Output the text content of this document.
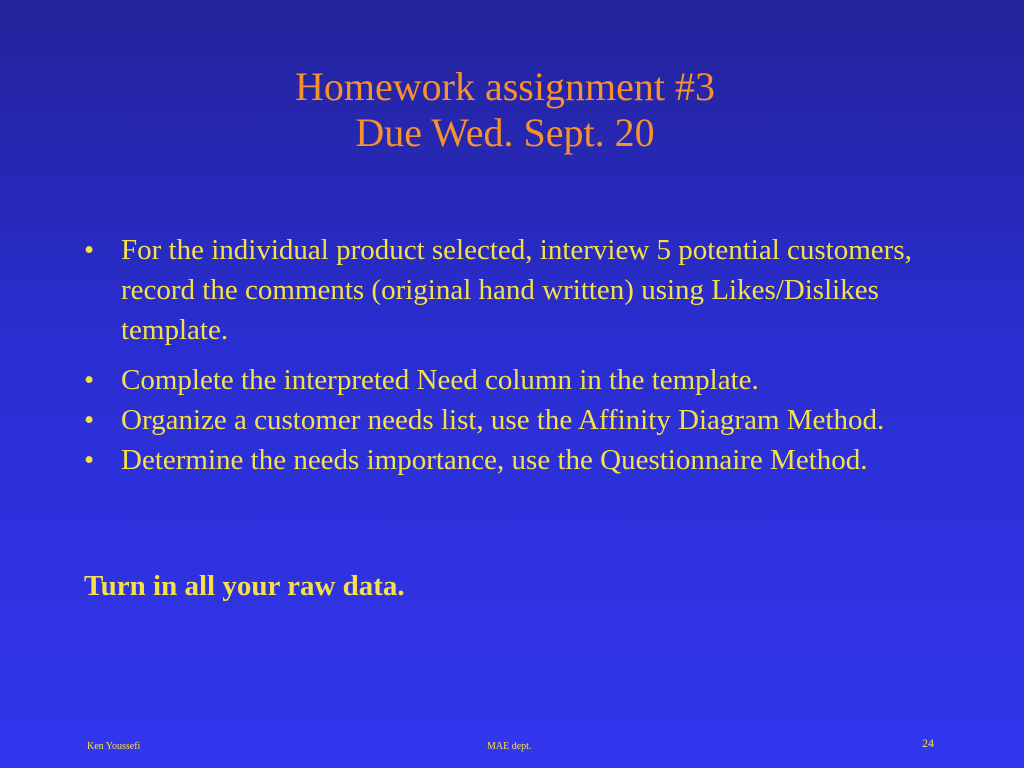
Homework assignment #3
Due Wed. Sept. 20
• For the individual product selected, interview 5 potential customers, record the comments (original hand written) using Likes/Dislikes template.
• Complete the interpreted Need column in the template.
• Organize a customer needs list, use the Affinity Diagram Method.
• Determine the needs importance, use the Questionnaire Method.
Turn in all your raw data.
Ken Youssefi	MAE dept.	24
